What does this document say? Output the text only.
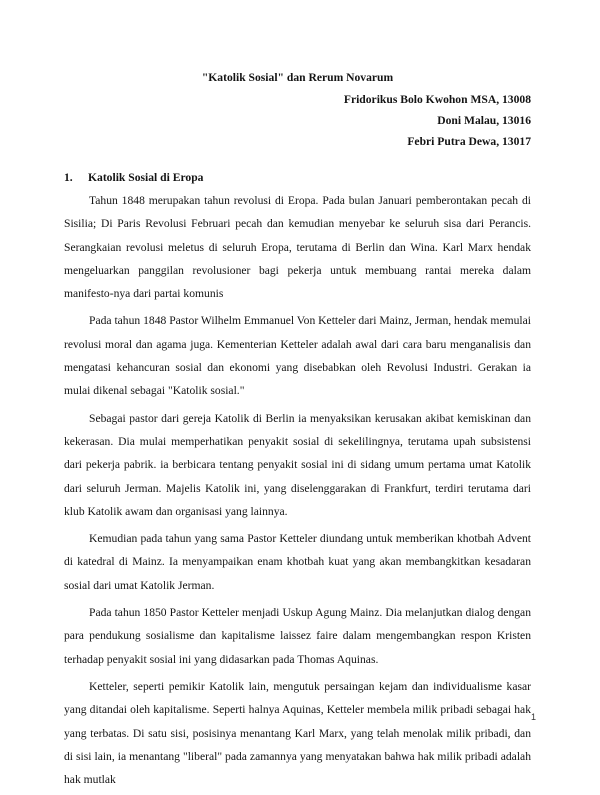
"Katolik Sosial" dan Rerum Novarum

Fridorikus Bolo Kwohon MSA, 13008

Doni Malau, 13016

Febri Putra Dewa, 13017

1. Katolik Sosial di Eropa

Tahun 1848 merupakan tahun revolusi di Eropa. Pada bulan Januari pemberontakan pecah di Sisilia; Di Paris Revolusi Februari pecah dan kemudian menyebar ke seluruh sisa dari Perancis. Serangkaian revolusi meletus di seluruh Eropa, terutama di Berlin dan Wina. Karl Marx hendak mengeluarkan panggilan revolusioner bagi pekerja untuk membuang rantai mereka dalam manifesto-nya dari partai komunis

Pada tahun 1848 Pastor Wilhelm Emmanuel Von Ketteler dari Mainz, Jerman, hendak memulai revolusi moral dan agama juga. Kementerian Ketteler adalah awal dari cara baru menganalisis dan mengatasi kehancuran sosial dan ekonomi yang disebabkan oleh Revolusi Industri. Gerakan ia mulai dikenal sebagai "Katolik sosial."

Sebagai pastor dari gereja Katolik di Berlin ia menyaksikan kerusakan akibat kemiskinan dan kekerasan. Dia mulai memperhatikan penyakit sosial di sekelilingnya, terutama upah subsistensi dari pekerja pabrik. ia berbicara tentang penyakit sosial ini di sidang umum pertama umat Katolik dari seluruh Jerman. Majelis Katolik ini, yang diselenggarakan di Frankfurt, terdiri terutama dari klub Katolik awam dan organisasi yang lainnya.

Kemudian pada tahun yang sama Pastor Ketteler diundang untuk memberikan khotbah Advent di katedral di Mainz. Ia menyampaikan enam khotbah kuat yang akan membangkitkan kesadaran sosial dari umat Katolik Jerman.

Pada tahun 1850 Pastor Ketteler menjadi Uskup Agung Mainz. Dia melanjutkan dialog dengan para pendukung sosialisme dan kapitalisme laissez faire dalam mengembangkan respon Kristen terhadap penyakit sosial ini yang didasarkan pada Thomas Aquinas.

Ketteler, seperti pemikir Katolik lain, mengutuk persaingan kejam dan individualisme kasar yang ditandai oleh kapitalisme. Seperti halnya Aquinas, Ketteler membela milik pribadi sebagai hak yang terbatas. Di satu sisi, posisinya menantang Karl Marx, yang telah menolak milik pribadi, dan di sisi lain, ia menantang "liberal" pada zamannya yang menyatakan bahwa hak milik pribadi adalah hak mutlak

1
